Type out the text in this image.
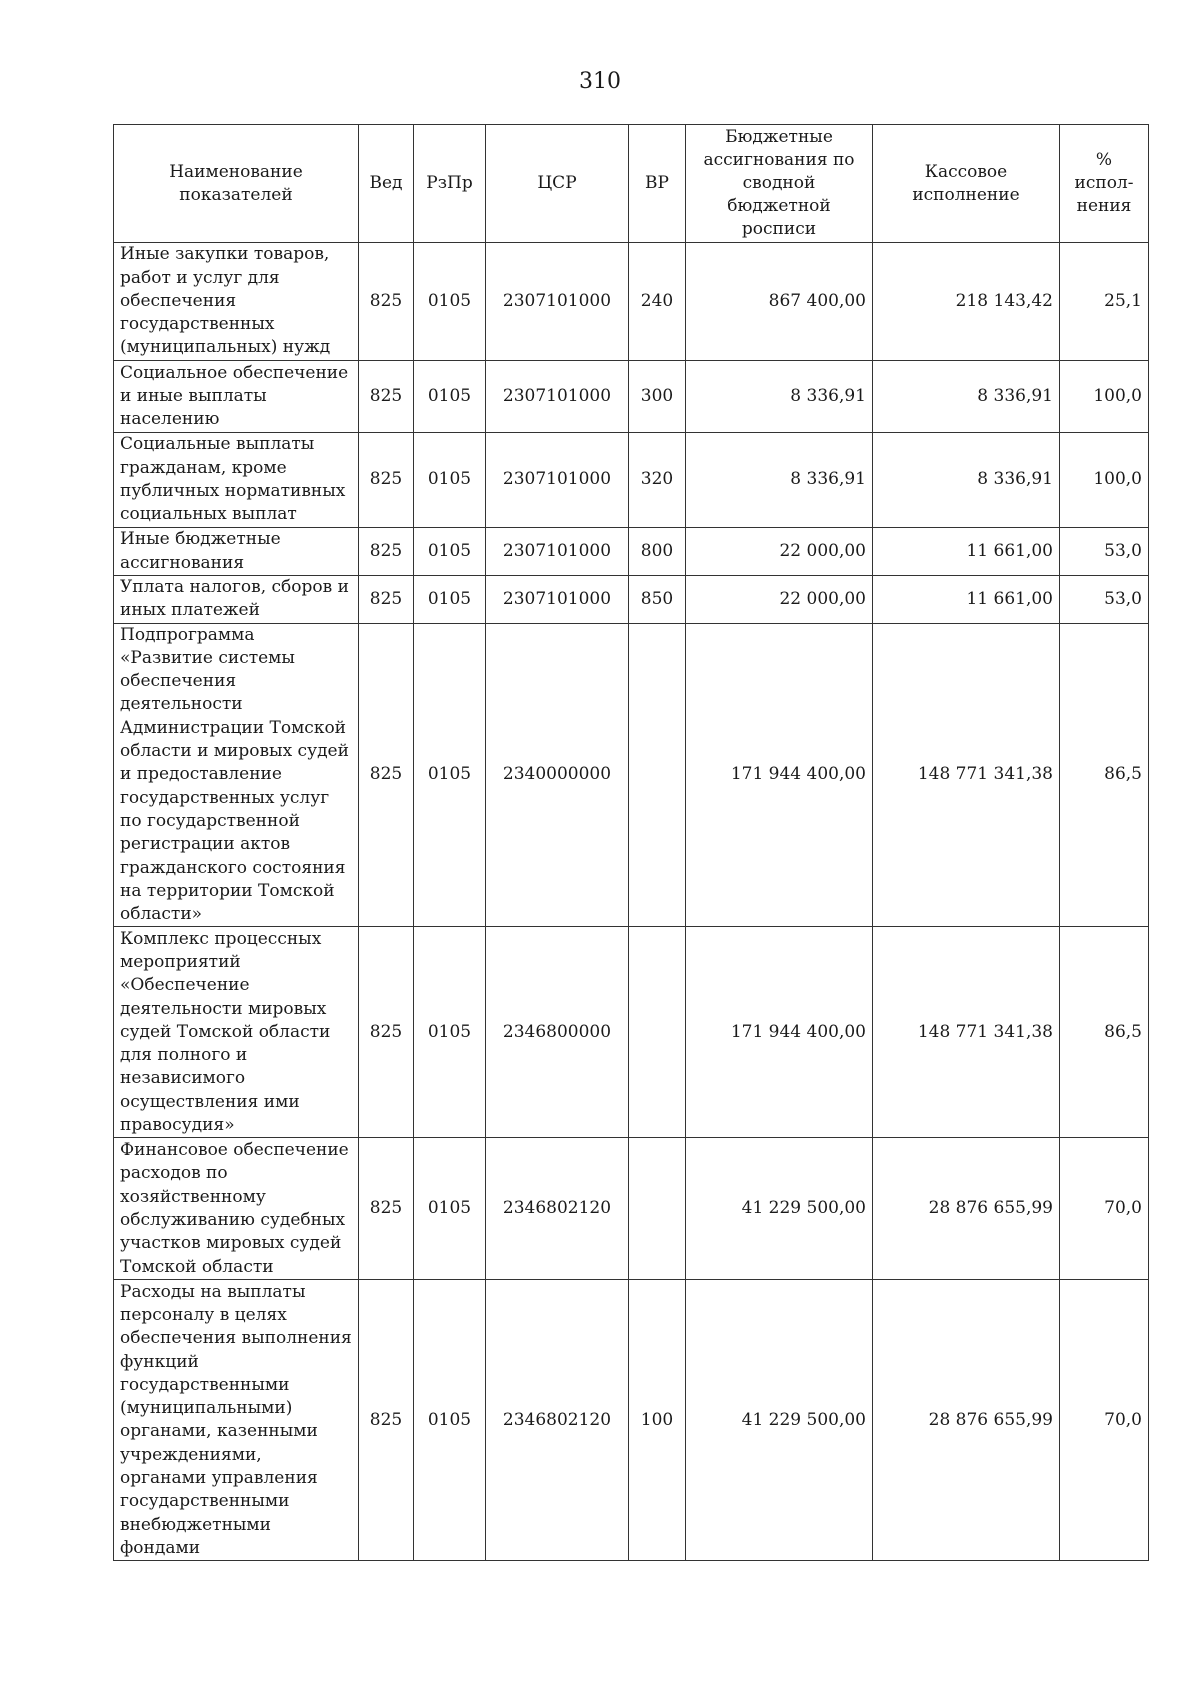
310
Наименование показателей	Вед	РзПр	ЦСР	ВР	Бюджетные ассигнования по сводной бюджетной росписи	Кассовое исполнение	% испол-нения
Иные закупки товаров, работ и услуг для обеспечения государственных (муниципальных) нужд	825	0105	2307101000	240	867 400,00	218 143,42	25,1
Социальное обеспечение и иные выплаты населению	825	0105	2307101000	300	8 336,91	8 336,91	100,0
Социальные выплаты гражданам, кроме публичных нормативных социальных выплат	825	0105	2307101000	320	8 336,91	8 336,91	100,0
Иные бюджетные ассигнования	825	0105	2307101000	800	22 000,00	11 661,00	53,0
Уплата налогов, сборов и иных платежей	825	0105	2307101000	850	22 000,00	11 661,00	53,0
Подпрограмма «Развитие системы обеспечения деятельности Администрации Томской области и мировых судей и предоставление государственных услуг по государственной регистрации актов гражданского состояния на территории Томской области»	825	0105	2340000000		171 944 400,00	148 771 341,38	86,5
Комплекс процессных мероприятий «Обеспечение деятельности мировых судей Томской области для полного и независимого осуществления ими правосудия»	825	0105	2346800000		171 944 400,00	148 771 341,38	86,5
Финансовое обеспечение расходов по хозяйственному обслуживанию судебных участков мировых судей Томской области	825	0105	2346802120		41 229 500,00	28 876 655,99	70,0
Расходы на выплаты персоналу в целях обеспечения выполнения функций государственными (муниципальными) органами, казенными учреждениями, органами управления государственными внебюджетными фондами	825	0105	2346802120	100	41 229 500,00	28 876 655,99	70,0
